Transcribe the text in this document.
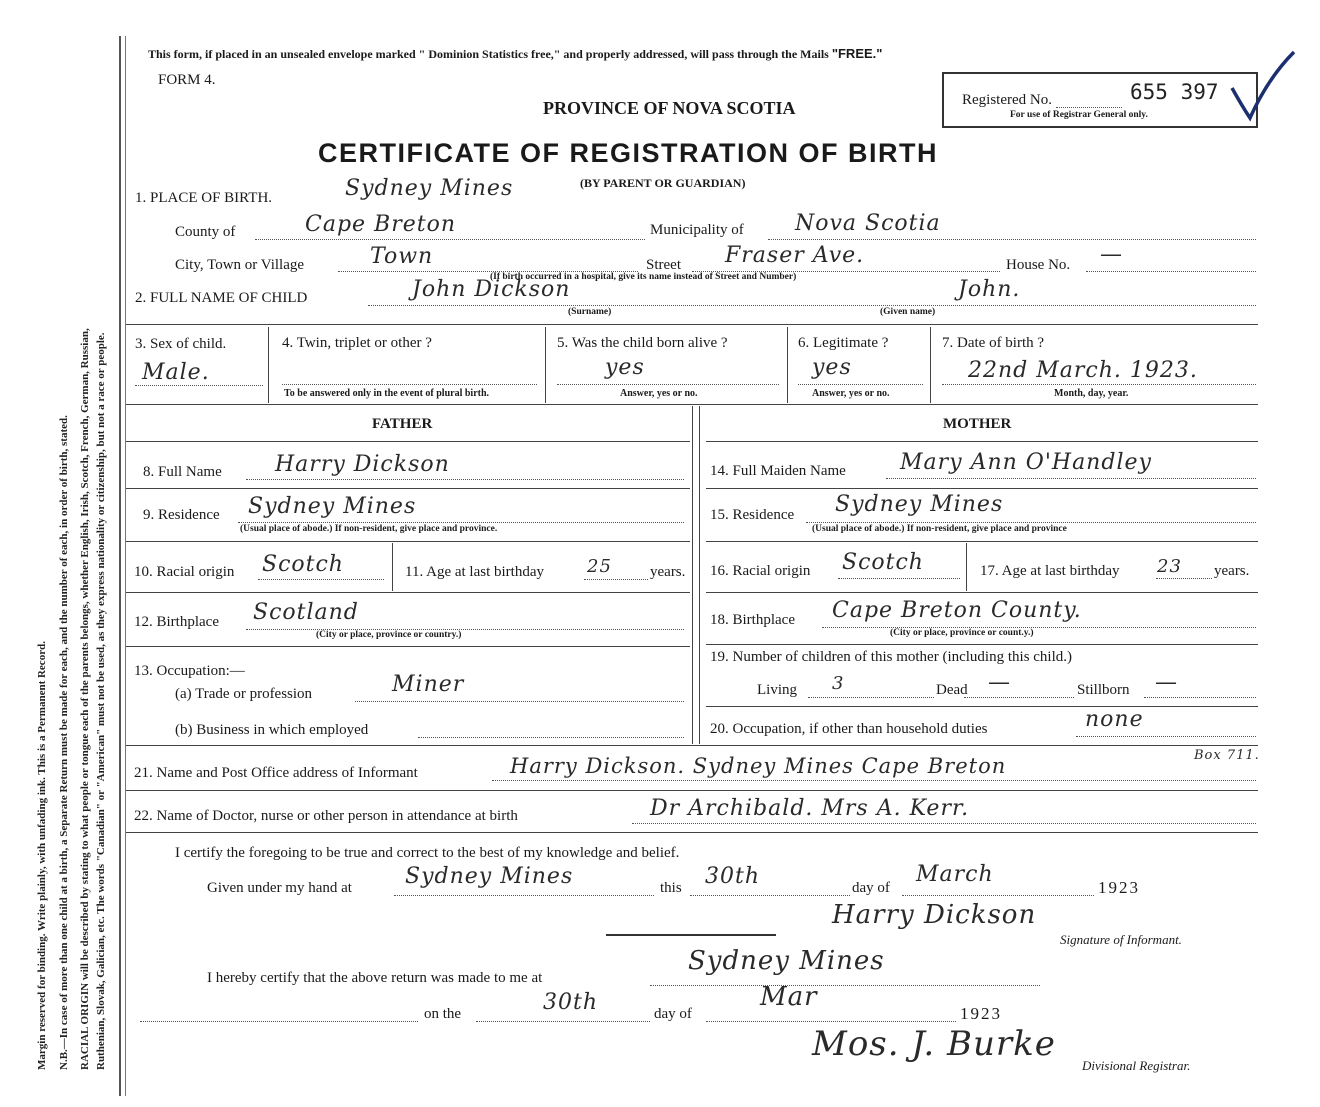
Margin reserved for binding. Write plainly, with unfading ink. This is a Permanent Record. N.B.—In case of more than one child at a birth, a Separate Return must be made for each, and the number of each, in order of birth, stated. RACIAL ORIGIN will be described by stating to what people or tongue each of the parents belongs, whether English, Irish, Scotch, French, German, Russian, Ruthenian, Slovak, Galician, etc. The words "Canadian" or "American" must not be used, as they express nationality or citizenship, but not a race or people.
This form, if placed in an unsealed envelope marked " Dominion Statistics free," and properly addressed, will pass through the Mails "FREE."
FORM 4.
PROVINCE OF NOVA SCOTIA
CERTIFICATE OF REGISTRATION OF BIRTH
(BY PARENT OR GUARDIAN)
Registered No.	655 397
For use of Registrar General only.
1. PLACE OF BIRTH.	Sydney Mines
County of	Cape Breton	Municipality of Nova Scotia
City, Town or Village	Town	Street Fraser Ave.	House No. —
(If birth occurred in a hospital, give its name instead of Street and Number)
2. FULL NAME OF CHILD	John Dickson
(Surname)
John.
(Given name)
3. Sex of child.
Male.
4. Twin, triplet or other ?
To be answered only in the event of plural birth.
5. Was the child born alive ?
yes
Answer, yes or no.
6. Legitimate ?
yes
Answer, yes or no.
7. Date of birth ?
22nd March. 1923.
Month, day, year.
FATHER
8. Full Name Harry Dickson
9. Residence Sydney Mines
(Usual place of abode.) If non-resident, give place and province.
10. Racial origin Scotch	11. Age at last birthday 25	years.
12. Birthplace Scotland
(City or place, province or country.)
13. Occupation:—
(a) Trade or profession	Miner
(b) Business in which employed
MOTHER
14. Full Maiden Name Mary Ann O'Handley
15. Residence Sydney Mines
(Usual place of abode.) If non-resident, give place and province
16. Racial origin Scotch	17. Age at last birthday 23 years.
18. Birthplace Cape Breton County.
(City or place, province or count.y.)
19. Number of children of this mother (including this child.)
Living 3	Dead —	Stillborn —
20. Occupation, if other than household duties	none
21. Name and Post Office address of Informant	Harry Dickson. Sydney Mines Cape Breton	Box 711.
22. Name of Doctor, nurse or other person in attendance at birth	Dr Archibald. Mrs A. Kerr.
I certify the foregoing to be true and correct to the best of my knowledge and belief.
Given under my hand at Sydney Mines	this 30th	day of
March
1923
Harry Dickson
Signature of Informant.
I hereby certify that the above return was made to me at
Sydney Mines
on the	30th	day of
Mar
1923
Mos. J. Burke
Divisional Registrar.
